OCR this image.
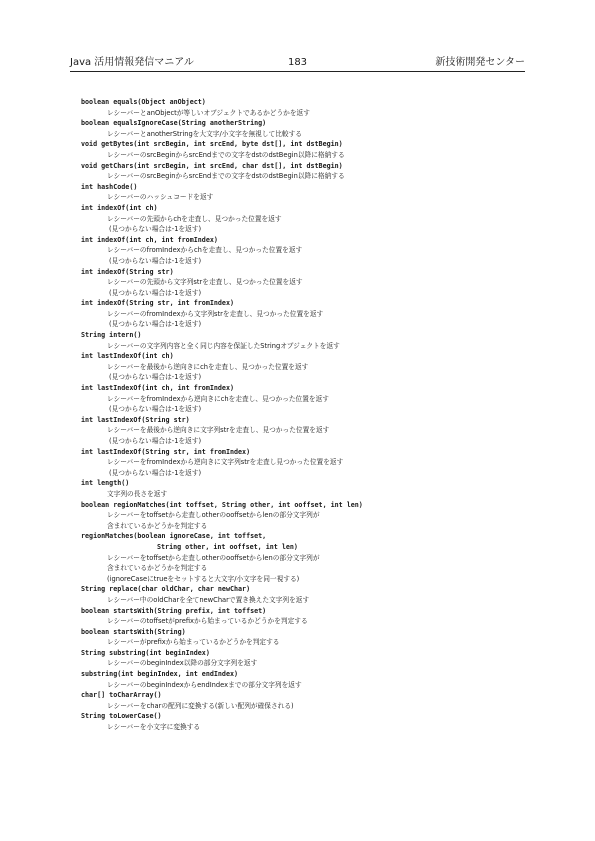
Java 活用情報発信マニアル	183	新技術開発センター
boolean equals(Object anObject)
レシーバーとanObjectが等しいオブジェクトであるかどうかを返す
boolean equalsIgnoreCase(String anotherString)
レシーバーとanotherStringを大文字/小文字を無視して比較する
void getBytes(int srcBegin, int srcEnd, byte dst[], int dstBegin)
レシーバーのsrcBeginからsrcEndまでの文字をdstのdstBegin以降に格納する
void getChars(int srcBegin, int srcEnd, char dst[], int dstBegin)
レシーバーのsrcBeginからsrcEndまでの文字をdstのdstBegin以降に格納する
int hashCode()
レシーバーのハッシュコードを返す
int indexOf(int ch)
レシーバーの先頭からchを走査し、見つかった位置を返す
(見つからない場合は-1を返す)
int indexOf(int ch, int fromIndex)
レシーバーのfromIndexからchを走査し、見つかった位置を返す
(見つからない場合は-1を返す)
int indexOf(String str)
レシーバーの先頭から文字列strを走査し、見つかった位置を返す
(見つからない場合は-1を返す)
int indexOf(String str, int fromIndex)
レシーバーのfromIndexから文字列strを走査し、見つかった位置を返す
(見つからない場合は-1を返す)
String intern()
レシーバーの文字列内容と全く同じ内容を保証したStringオブジェクトを返す
int lastIndexOf(int ch)
レシーバーを最後から逆向きにchを走査し、見つかった位置を返す
(見つからない場合は-1を返す)
int lastIndexOf(int ch, int fromIndex)
レシーバーをfromIndexから逆向きにchを走査し、見つかった位置を返す
(見つからない場合は-1を返す)
int lastIndexOf(String str)
レシーバーを最後から逆向きに文字列strを走査し、見つかった位置を返す
(見つからない場合は-1を返す)
int lastIndexOf(String str, int fromIndex)
レシーバーをfromIndexから逆向きに文字列strを走査し見つかった位置を返す
(見つからない場合は-1を返す)
int length()
文字列の長さを返す
boolean regionMatches(int toffset, String other, int ooffset, int len)
レシーバーをtoffsetから走査しotherのooffsetからlenの部分文字列が
含まれているかどうかを判定する
regionMatches(boolean ignoreCase, int toffset,
String other, int ooffset, int len)
レシーバーをtoffsetから走査しotherのooffsetからlenの部分文字列が
含まれているかどうかを判定する
(ignoreCaseにtrueをセットすると大文字/小文字を同一視する)
String replace(char oldChar, char newChar)
レシーバー中のoldCharを全てnewCharで置き換えた文字列を返す
boolean startsWith(String prefix, int toffset)
レシーバーのtoffsetがprefixから始まっているかどうかを判定する
boolean startsWith(String)
レシーバーがprefixから始まっているかどうかを判定する
String substring(int beginIndex)
レシーバーのbeginIndex以降の部分文字列を返す
substring(int beginIndex, int endIndex)
レシーバーのbeginIndexからendIndexまでの部分文字列を返す
char[] toCharArray()
レシーバーをcharの配列に変換する(新しい配列が確保される)
String toLowerCase()
レシーバーを小文字に変換する
